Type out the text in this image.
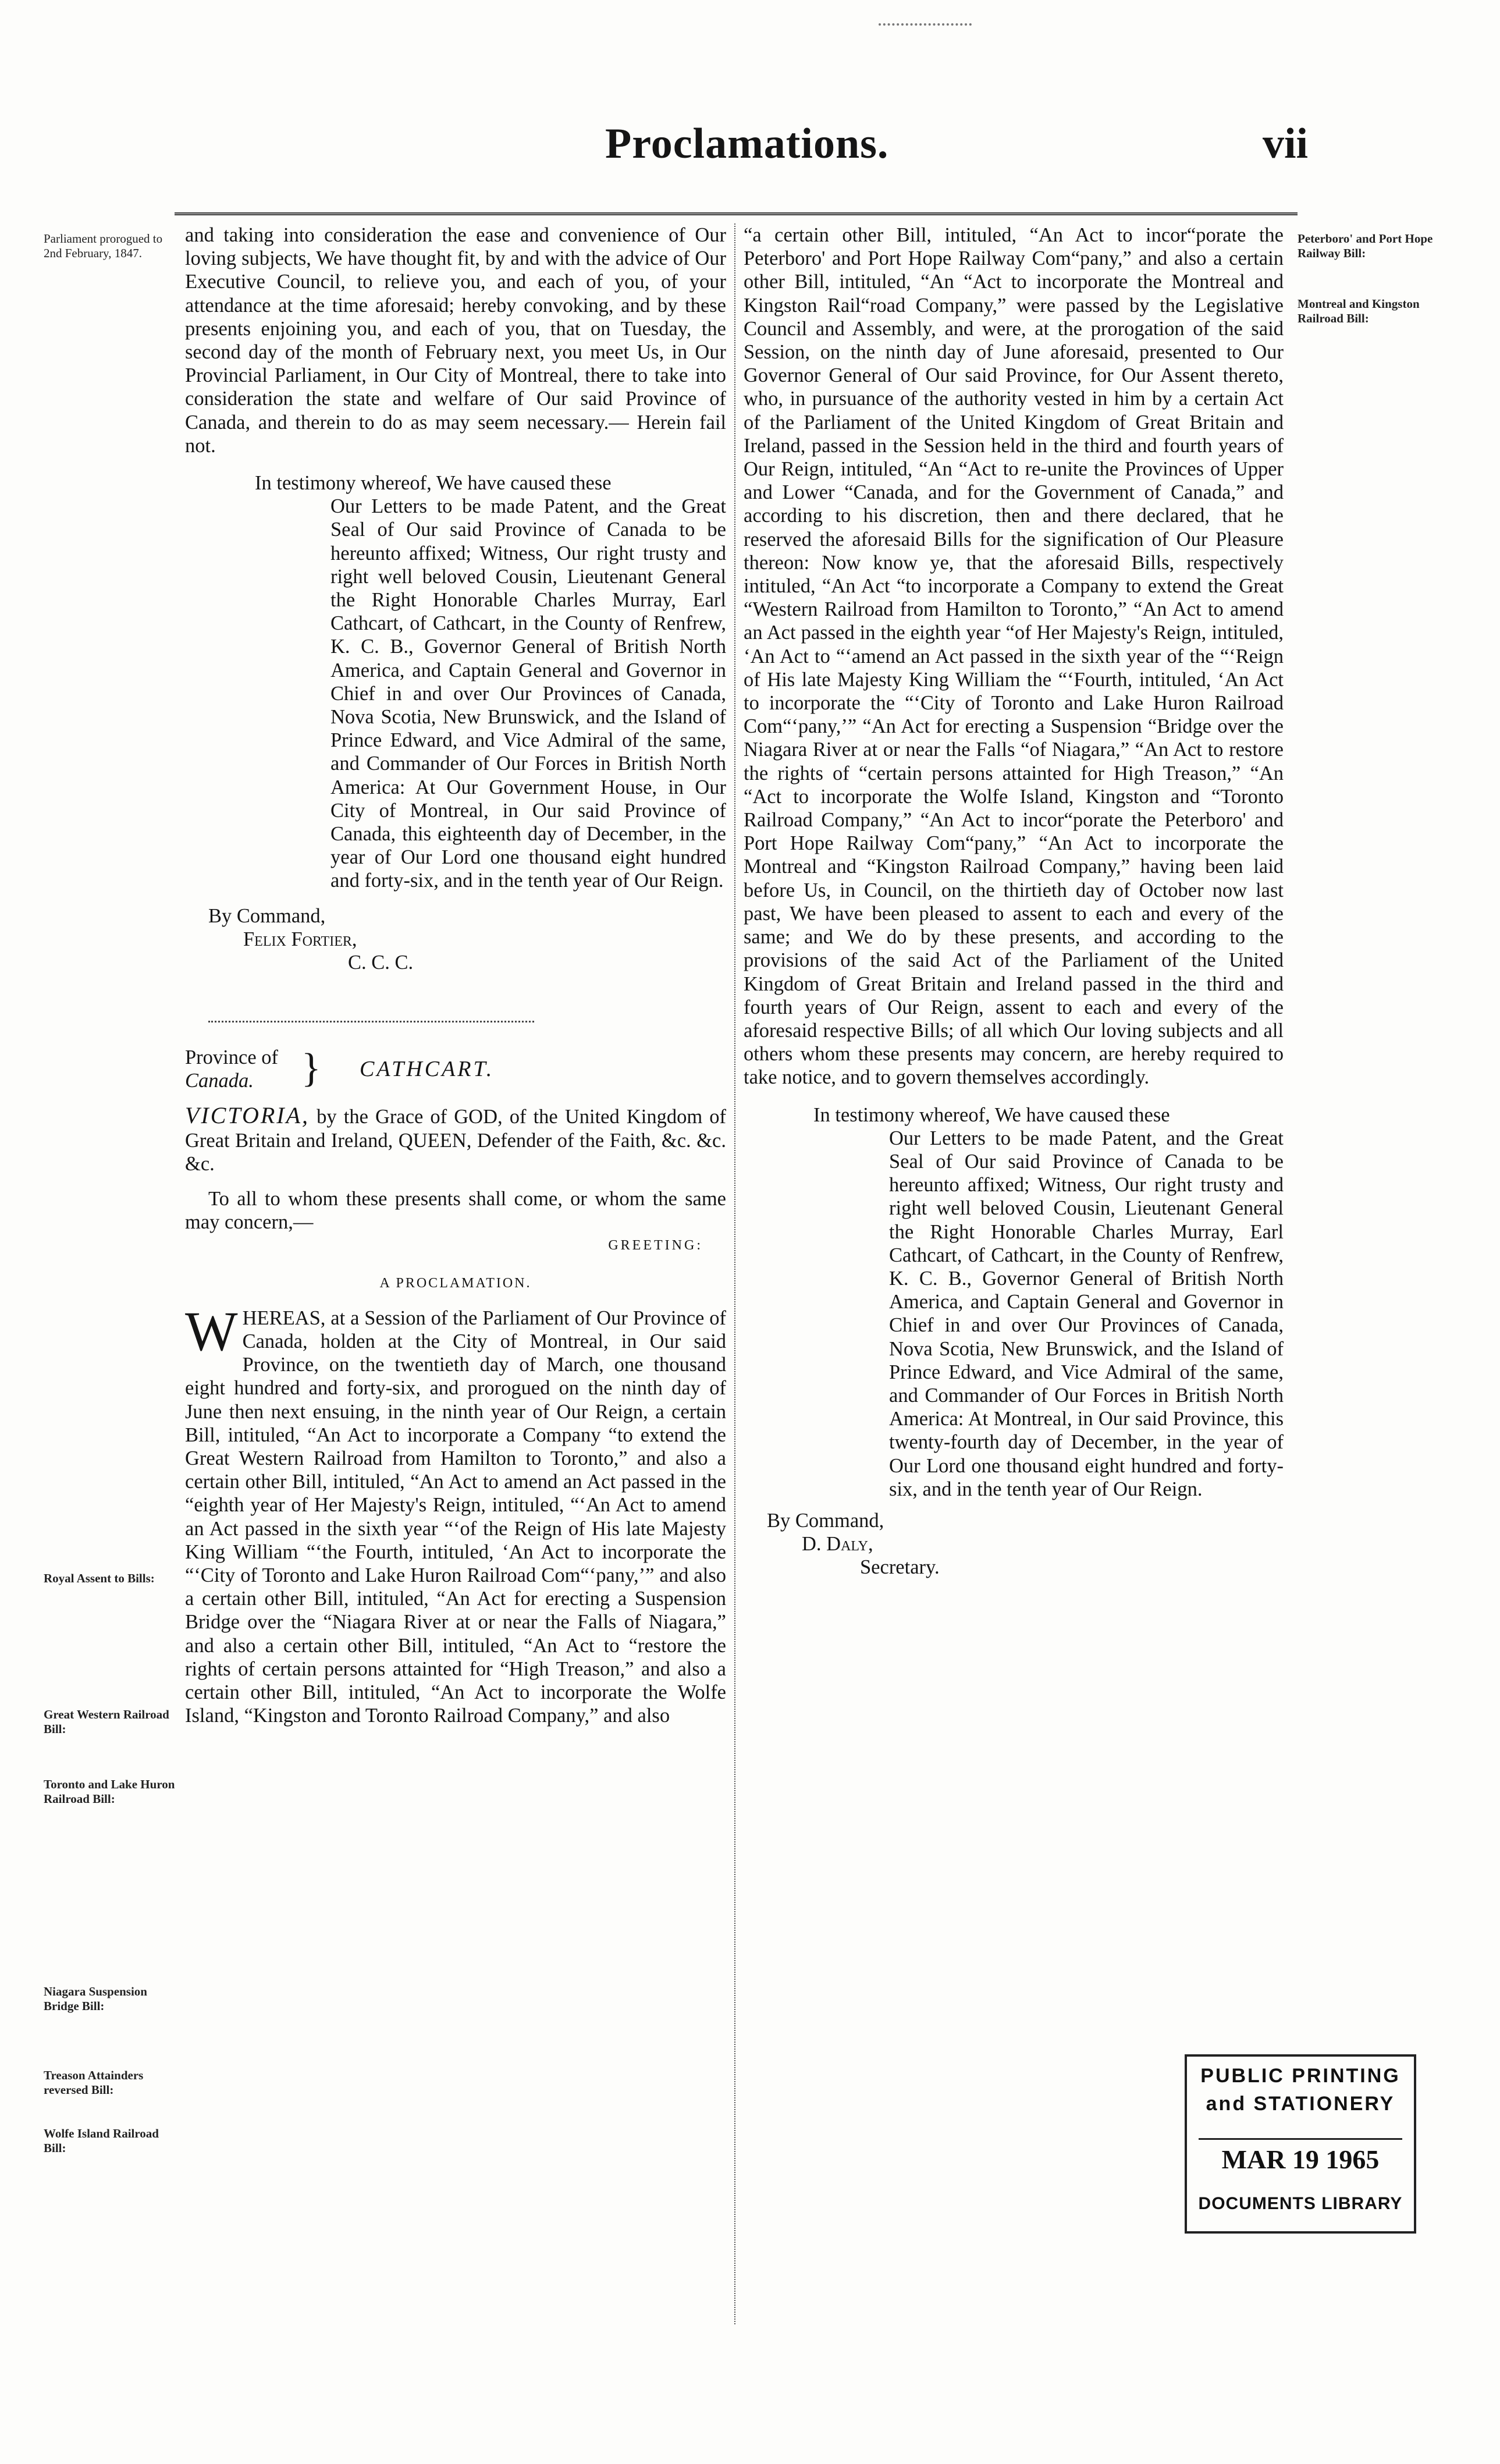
Proclamations.	vii
Parliament prorogued to 2nd February, 1847.
Royal Assent to Bills:
Great Western Railroad Bill:
Toronto and Lake Huron Railroad Bill:
Niagara Suspension Bridge Bill:
Treason Attainders reversed Bill:
Wolfe Island Railroad Bill:
Peterboro' and Port Hope Railway Bill:
Montreal and Kingston Railroad Bill:

and taking into consideration the ease and convenience of Our loving subjects, We have thought fit, by and with the advice of Our Executive Council, to relieve you, and each of you, of your attendance at the time aforesaid; hereby convoking, and by these presents enjoining you, and each of you, that on Tuesday, the second day of the month of February next, you meet Us, in Our Provincial Parliament, in Our City of Montreal, there to take into consideration the state and welfare of Our said Province of Canada, and therein to do as may seem necessary.— Herein fail not.

In testimony whereof, We have caused these

Our Letters to be made Patent, and the Great Seal of Our said Province of Canada to be hereunto affixed; Witness, Our right trusty and right well beloved Cousin, Lieutenant General the Right Honorable Charles Murray, Earl Cathcart, of Cathcart, in the County of Renfrew, K. C. B., Governor General of British North America, and Captain General and Governor in Chief in and over Our Provinces of Canada, Nova Scotia, New Brunswick, and the Island of Prince Edward, and Vice Admiral of the same, and Commander of Our Forces in British North America: At Our Government House, in Our City of Montreal, in Our said Province of Canada, this eighteenth day of December, in the year of Our Lord one thousand eight hundred and forty-six, and in the tenth year of Our Reign.

By Command,

Felix Fortier,

C. C. C.

Province of
Canada.	} CATHCART.

VICTORIA, by the Grace of GOD, of the United Kingdom of Great Britain and Ireland, QUEEN, Defender of the Faith, &c. &c. &c.

To all to whom these presents shall come, or whom the same may concern,—

GREETING:

A PROCLAMATION.

WHEREAS, at a Session of the Parliament of Our Province of Canada, holden at the City of Montreal, in Our said Province, on the twentieth day of March, one thousand eight hundred and forty-six, and prorogued on the ninth day of June then next ensuing, in the ninth year of Our Reign, a certain Bill, intituled, “An Act to incorporate a Company “to extend the Great Western Railroad from Hamilton to Toronto,” and also a certain other Bill, intituled, “An Act to amend an Act passed in the “eighth year of Her Majesty's Reign, intituled, “‘An Act to amend an Act passed in the sixth year “‘of the Reign of His late Majesty King William “‘the Fourth, intituled, ‘An Act to incorporate the “‘City of Toronto and Lake Huron Railroad Com“‘pany,’” and also a certain other Bill, intituled, “An Act for erecting a Suspension Bridge over the “Niagara River at or near the Falls of Niagara,” and also a certain other Bill, intituled, “An Act to “restore the rights of certain persons attainted for “High Treason,” and also a certain other Bill, intituled, “An Act to incorporate the Wolfe Island, “Kingston and Toronto Railroad Company,” and also

“a certain other Bill, intituled, “An Act to incor“porate the Peterboro' and Port Hope Railway Com“pany,” and also a certain other Bill, intituled, “An “Act to incorporate the Montreal and Kingston Rail“road Company,” were passed by the Legislative Council and Assembly, and were, at the prorogation of the said Session, on the ninth day of June aforesaid, presented to Our Governor General of Our said Province, for Our Assent thereto, who, in pursuance of the authority vested in him by a certain Act of the Parliament of the United Kingdom of Great Britain and Ireland, passed in the Session held in the third and fourth years of Our Reign, intituled, “An “Act to re-unite the Provinces of Upper and Lower “Canada, and for the Government of Canada,” and according to his discretion, then and there declared, that he reserved the aforesaid Bills for the signification of Our Pleasure thereon: Now know ye, that the aforesaid Bills, respectively intituled, “An Act “to incorporate a Company to extend the Great “Western Railroad from Hamilton to Toronto,” “An Act to amend an Act passed in the eighth year “of Her Majesty's Reign, intituled, ‘An Act to “‘amend an Act passed in the sixth year of the “‘Reign of His late Majesty King William the “‘Fourth, intituled, ‘An Act to incorporate the “‘City of Toronto and Lake Huron Railroad Com“‘pany,’” “An Act for erecting a Suspension “Bridge over the Niagara River at or near the Falls “of Niagara,” “An Act to restore the rights of “certain persons attainted for High Treason,” “An “Act to incorporate the Wolfe Island, Kingston and “Toronto Railroad Company,” “An Act to incor“porate the Peterboro' and Port Hope Railway Com“pany,” “An Act to incorporate the Montreal and “Kingston Railroad Company,” having been laid before Us, in Council, on the thirtieth day of October now last past, We have been pleased to assent to each and every of the same; and We do by these presents, and according to the provisions of the said Act of the Parliament of the United Kingdom of Great Britain and Ireland passed in the third and fourth years of Our Reign, assent to each and every of the aforesaid respective Bills; of all which Our loving subjects and all others whom these presents may concern, are hereby required to take notice, and to govern themselves accordingly.

In testimony whereof, We have caused these

Our Letters to be made Patent, and the Great Seal of Our said Province of Canada to be hereunto affixed; Witness, Our right trusty and right well beloved Cousin, Lieutenant General the Right Honorable Charles Murray, Earl Cathcart, of Cathcart, in the County of Renfrew, K. C. B., Governor General of British North America, and Captain General and Governor in Chief in and over Our Provinces of Canada, Nova Scotia, New Brunswick, and the Island of Prince Edward, and Vice Admiral of the same, and Commander of Our Forces in British North America: At Montreal, in Our said Province, this twenty-fourth day of December, in the year of Our Lord one thousand eight hundred and forty-six, and in the tenth year of Our Reign.

By Command,

D. Daly,

Secretary.

PUBLIC PRINTING
and STATIONERY
MAR 19 1965
DOCUMENTS LIBRARY
